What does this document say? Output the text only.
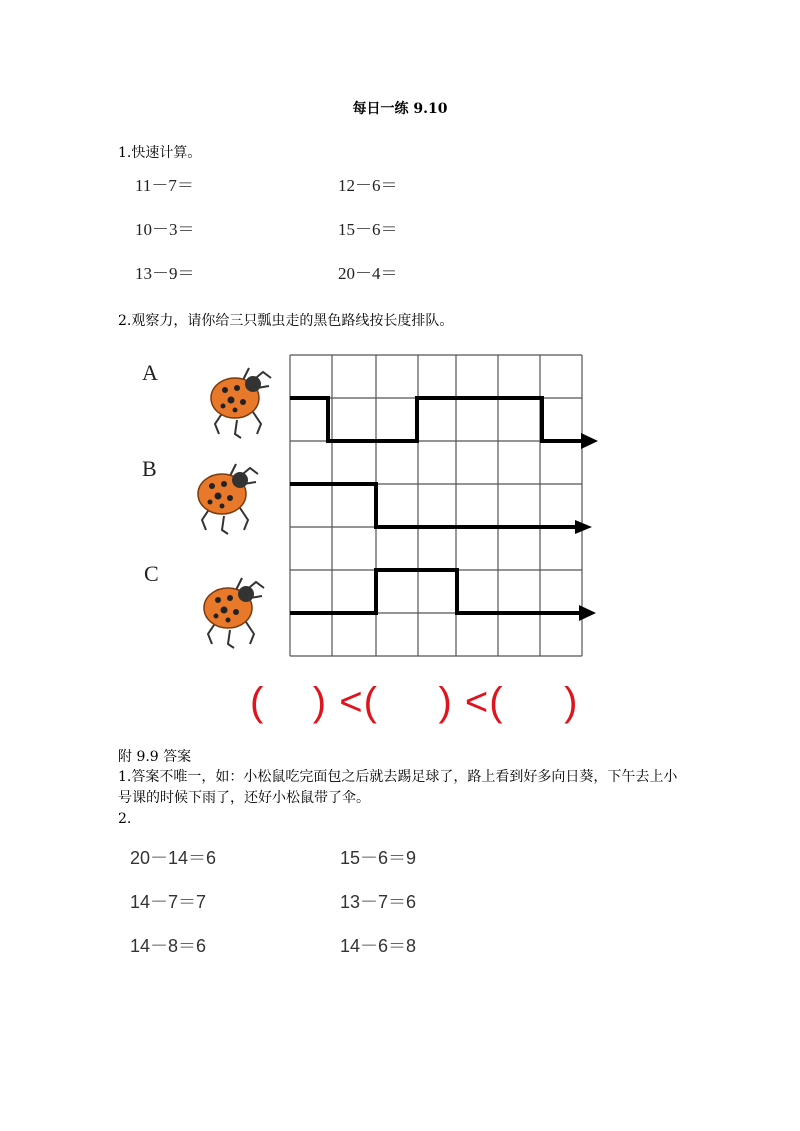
每日一练 9.10
1.快速计算。
11－7＝	12－6＝
10－3＝	15－6＝
13－9＝	20－4＝
2.观察力，请你给三只瓢虫走的黑色路线按长度排队。
A
B
C
(    ) <(     ) <(     )
附 9.9 答案
1.答案不唯一，如：小松鼠吃完面包之后就去踢足球了，路上看到好多向日葵，下午去上小号课的时候下雨了，还好小松鼠带了伞。
2.
20－14＝6	15－6＝9
14－7＝7	13－7＝6
14－8＝6	14－6＝8
